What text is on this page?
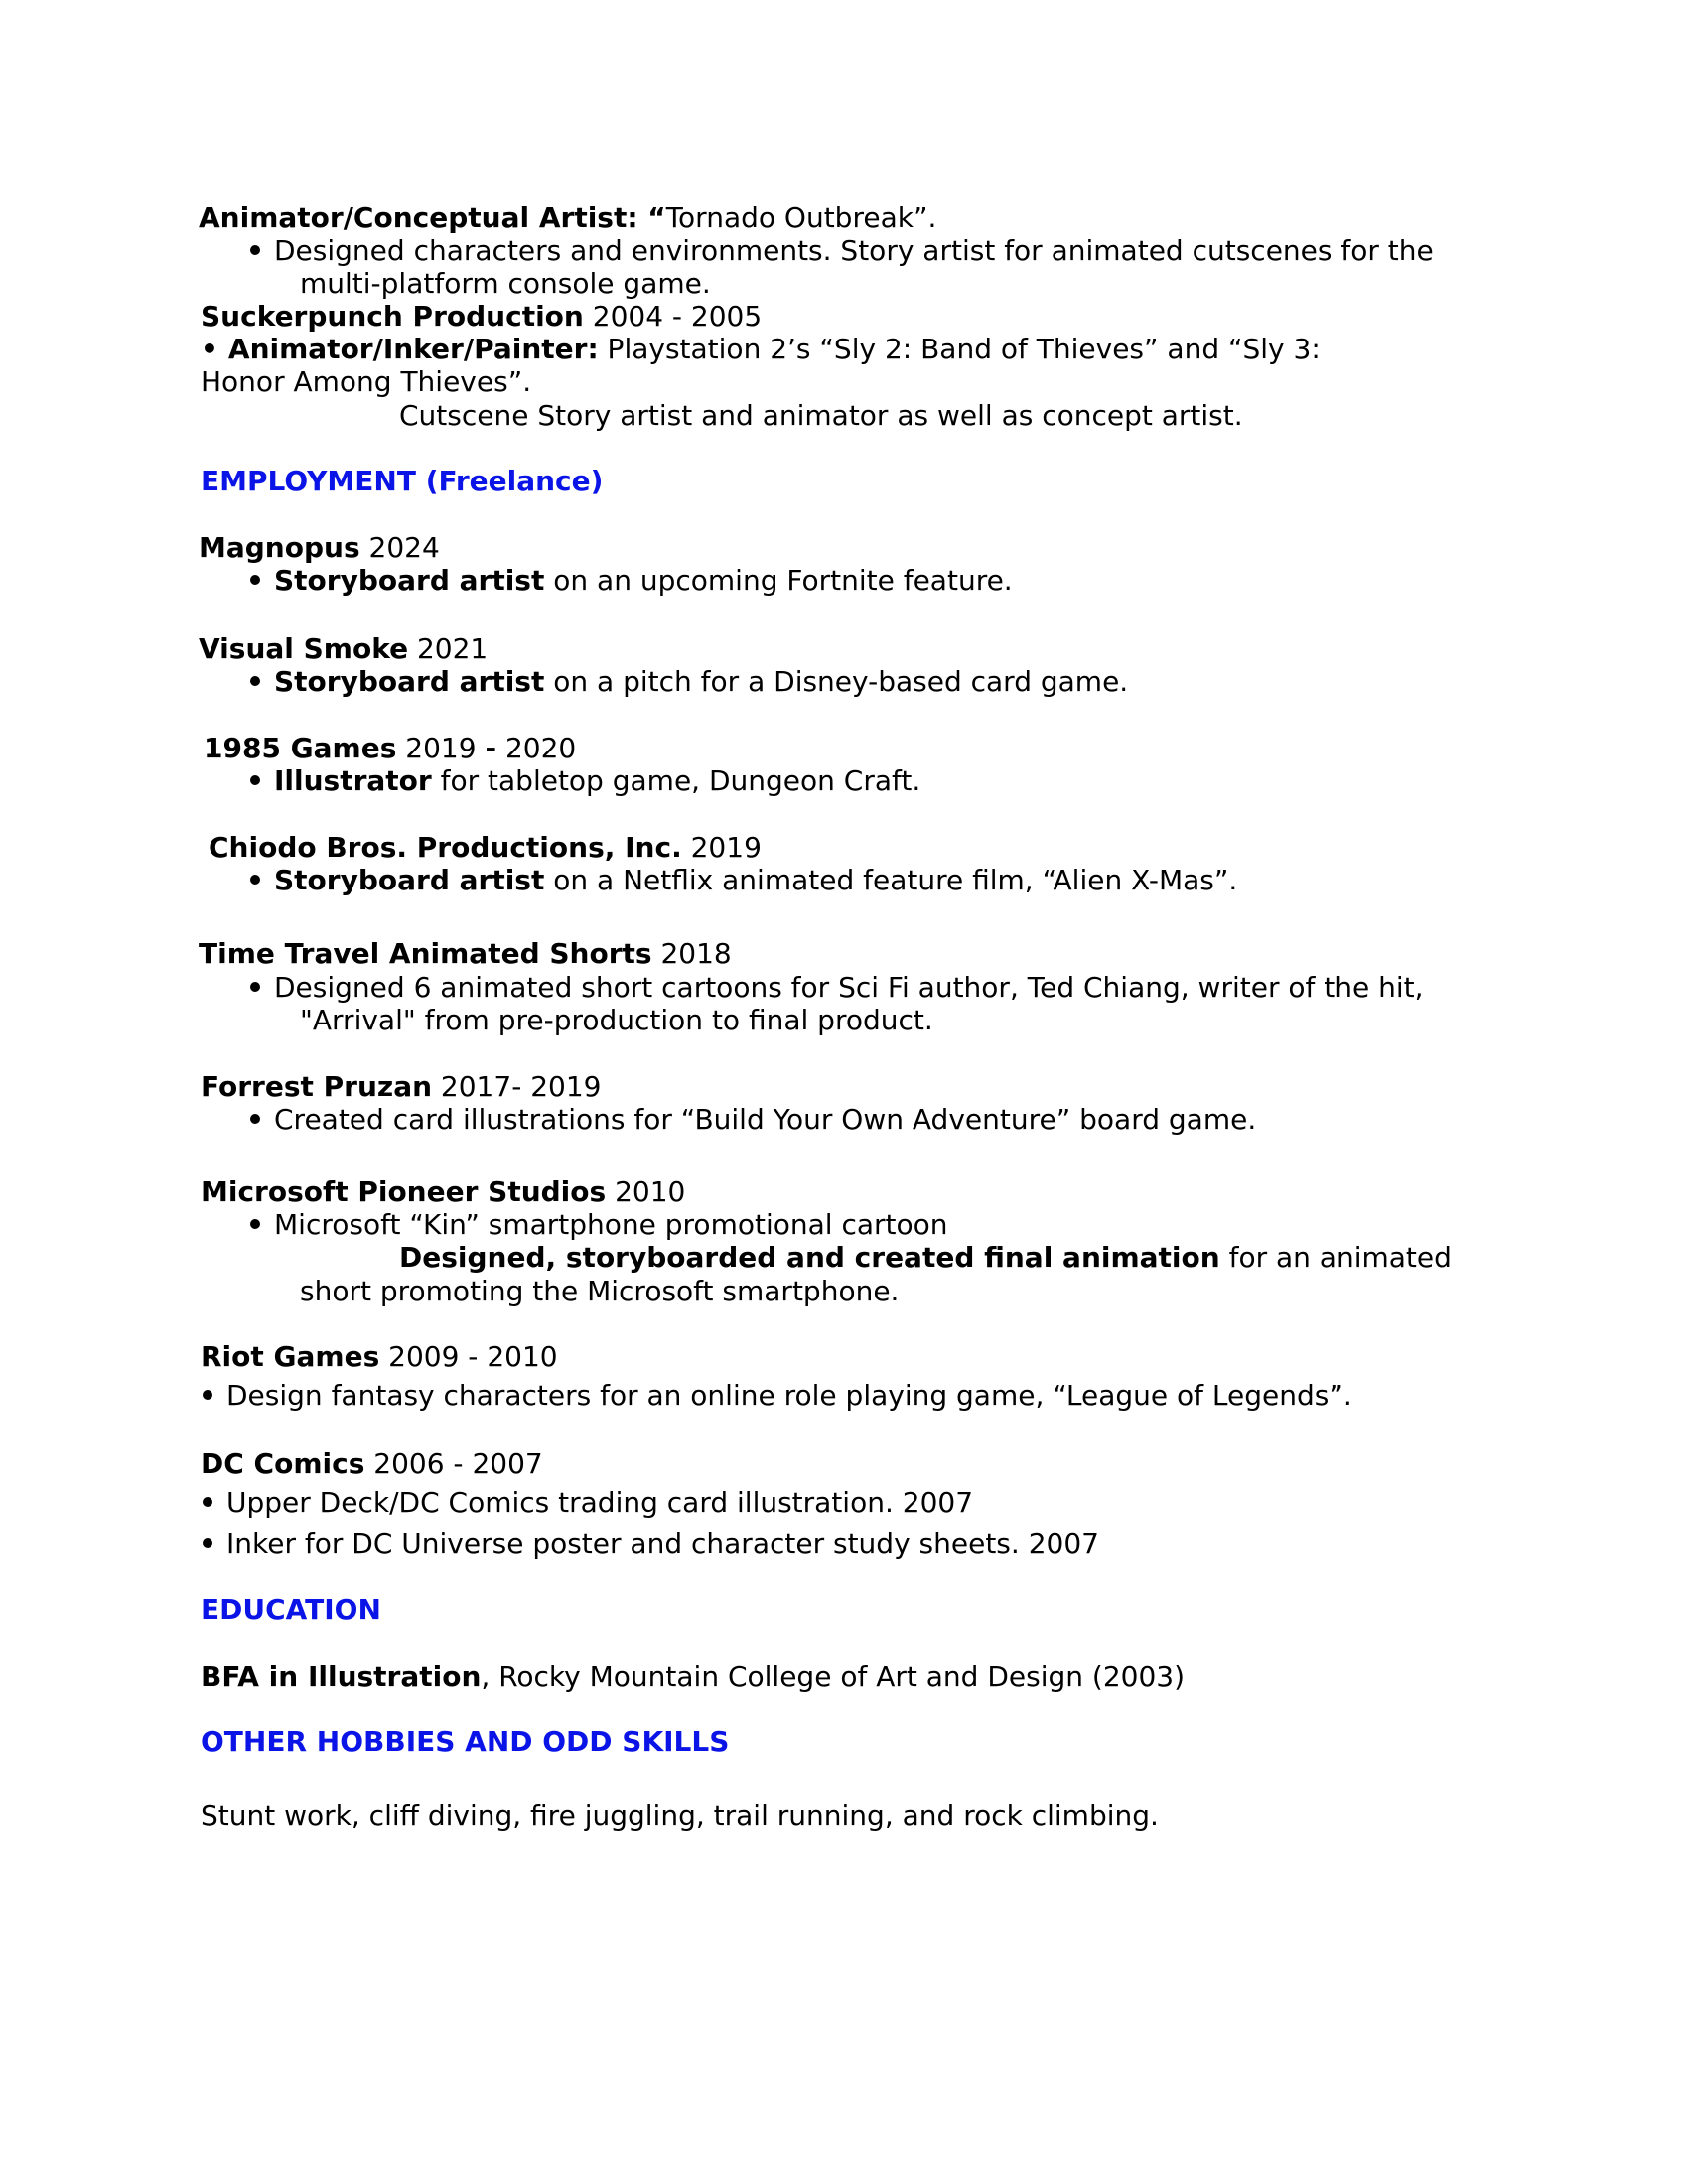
Animator/Conceptual Artist: “Tornado Outbreak”.
Designed characters and environments. Story artist for animated cutscenes for the
multi-platform console game.
Suckerpunch Production 2004 - 2005
• Animator/Inker/Painter: Playstation 2’s “Sly 2: Band of Thieves” and “Sly 3:
Honor Among Thieves”.
Cutscene Story artist and animator as well as concept artist.
EMPLOYMENT (Freelance)
Magnopus 2024
Storyboard artist on an upcoming Fortnite feature.
Visual Smoke 2021
Storyboard artist on a pitch for a Disney-based card game.
1985 Games 2019 - 2020
Illustrator for tabletop game, Dungeon Craft.
Chiodo Bros. Productions, Inc. 2019
Storyboard artist on a Netflix animated feature film, “Alien X-Mas”.
Time Travel Animated Shorts 2018
Designed 6 animated short cartoons for Sci Fi author, Ted Chiang, writer of the hit,
"Arrival" from pre-production to final product.
Forrest Pruzan 2017- 2019
Created card illustrations for “Build Your Own Adventure” board game.
Microsoft Pioneer Studios 2010
Microsoft “Kin” smartphone promotional cartoon
Designed, storyboarded and created final animation for an animated
short promoting the Microsoft smartphone.
Riot Games 2009 - 2010
Design fantasy characters for an online role playing game, “League of Legends”.
DC Comics 2006 - 2007
Upper Deck/DC Comics trading card illustration. 2007
Inker for DC Universe poster and character study sheets. 2007
EDUCATION
BFA in Illustration, Rocky Mountain College of Art and Design (2003)
OTHER HOBBIES AND ODD SKILLS
Stunt work, cliff diving, fire juggling, trail running, and rock climbing.
